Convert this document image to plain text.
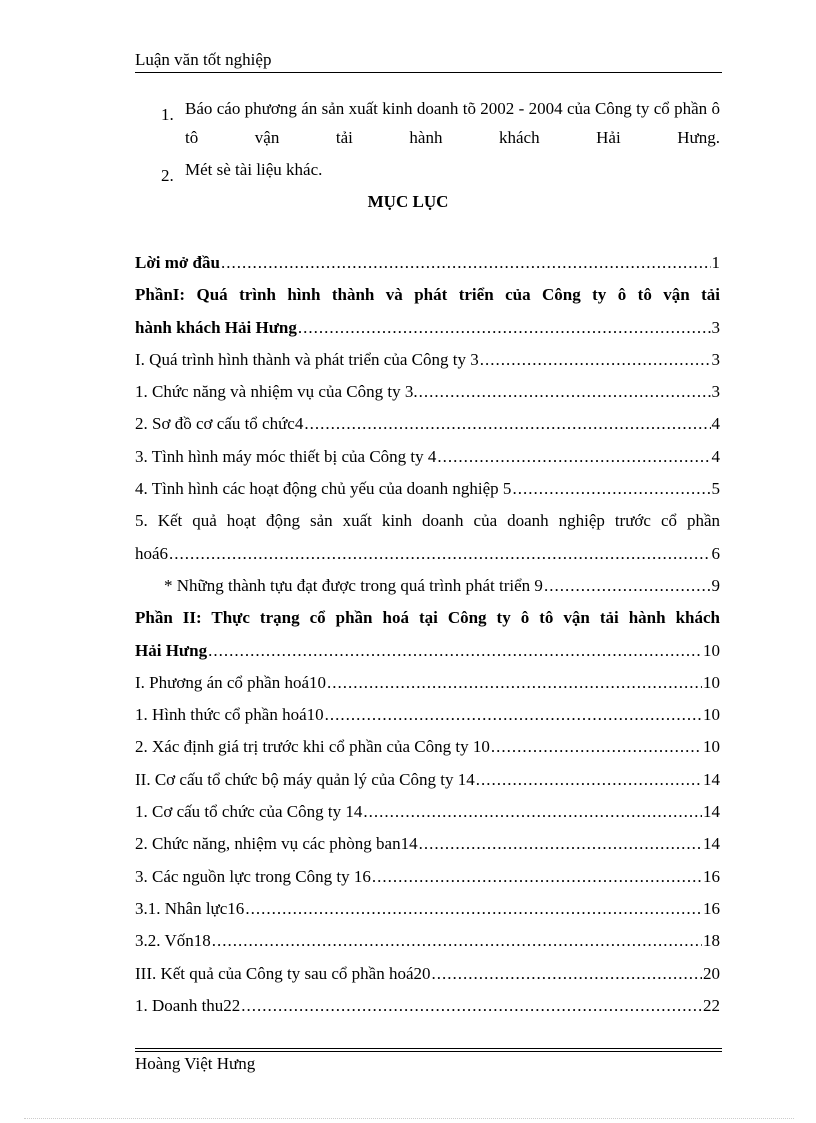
Luận văn tốt nghiệp
1. Báo cáo phương án sản xuất kinh doanh tõ 2002 - 2004 của Công ty cổ phần ô tô vận tải hành khách Hải Hưng.
2. Mét sè tài liệu khác.
MỤC LỤC
Lời mở đầu .....	1
PhầnI: Quá trình hình thành và phát triển của Công ty ô tô vận tải
hành khách Hải Hưng .....	3
I. Quá trình hình thành và phát triển của Công ty 3 .....	3
1. Chức năng và nhiệm vụ của Công ty 3. .....	3
2. Sơ đồ cơ cấu tổ chức4 .....	4
3. Tình hình máy móc thiết bị của Công ty 4 .....	4
4. Tình hình các hoạt động chủ yếu của doanh nghiệp 5 .....	5
5. Kết quả hoạt động sản xuất kinh doanh của doanh nghiệp trước cổ phần
hoá6 .....	6
* Những thành tựu đạt được trong quá trình phát triển 9 .....	9
Phần II: Thực trạng cổ phần hoá tại Công ty ô tô vận tải hành khách
Hải Hưng .....	10
I. Phương án cổ phần hoá10 .....	10
1. Hình thức cổ phần hoá10 .....	10
2. Xác định giá trị trước khi cổ phần của Công ty 10 .....	10
II. Cơ cấu tổ chức bộ máy quản lý của Công ty 14 .....	14
1. Cơ cấu tổ chức của Công ty 14 .....	14
2. Chức năng, nhiệm vụ các phòng ban14 .....	14
3. Các nguồn lực trong Công ty 16 .....	16
3.1. Nhân lực16 .....	16
3.2. Vốn18 .....	18
III. Kết quả của Công ty sau cổ phần hoá20 .....	20
1. Doanh thu22 .....	22
Hoàng Việt Hưng
